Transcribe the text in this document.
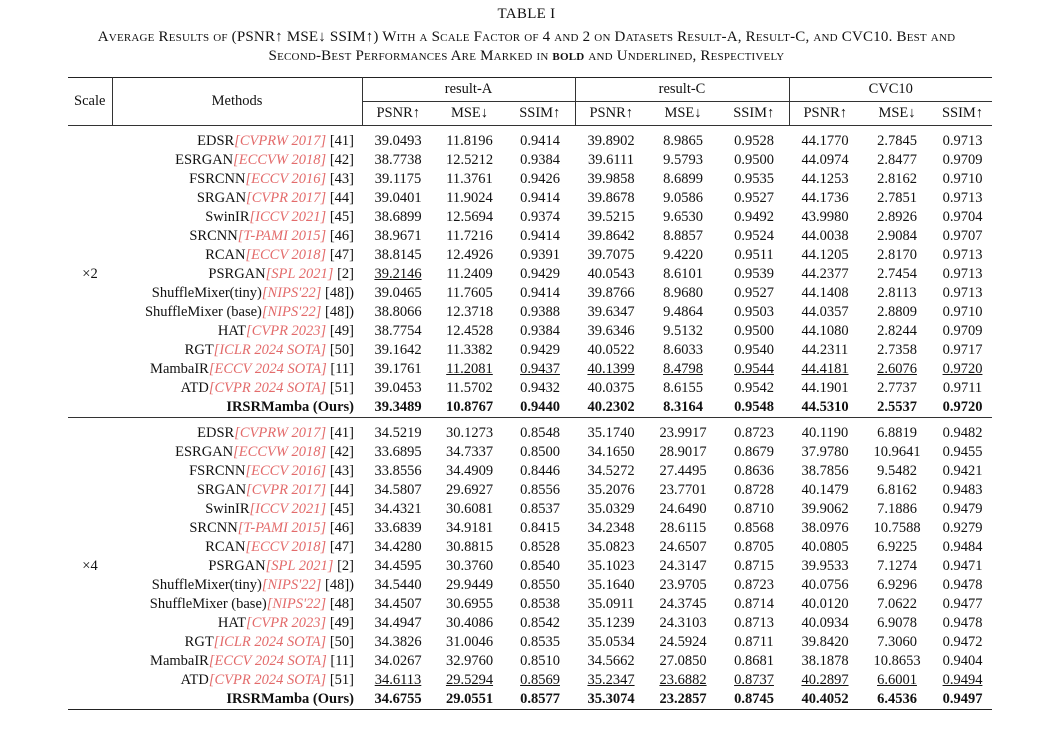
TABLE I
Average Results of (PSNR↑ MSE↓ SSIM↑) With a Scale Factor of 4 and 2 on Datasets Result-A, Result-C, and CVC10. Best and
Second-Best Performances Are Marked in bold and Underlined, Respectively
Scale	Methods	result-A			result-C			CVC10		
		PSNR↑	MSE↓	SSIM↑	PSNR↑	MSE↓	SSIM↑	PSNR↑	MSE↓	SSIM↑

×2	EDSR[CVPRW 2017] [41]	39.0493	11.8196	0.9414	39.8902	8.9865	0.9528	44.1770	2.7845	0.9713
	ESRGAN[ECCVW 2018] [42]	38.7738	12.5212	0.9384	39.6111	9.5793	0.9500	44.0974	2.8477	0.9709
	FSRCNN[ECCV 2016] [43]	39.1175	11.3761	0.9426	39.9858	8.6899	0.9535	44.1253	2.8162	0.9710
	SRGAN[CVPR 2017] [44]	39.0401	11.9024	0.9414	39.8678	9.0586	0.9527	44.1736	2.7851	0.9713
	SwinIR[ICCV 2021] [45]	38.6899	12.5694	0.9374	39.5215	9.6530	0.9492	43.9980	2.8926	0.9704
	SRCNN[T-PAMI 2015] [46]	38.9671	11.7216	0.9414	39.8642	8.8857	0.9524	44.0038	2.9084	0.9707
	RCAN[ECCV 2018] [47]	38.8145	12.4926	0.9391	39.7075	9.4220	0.9511	44.1205	2.8170	0.9713
	PSRGAN[SPL 2021] [2]	39.2146	11.2409	0.9429	40.0543	8.6101	0.9539	44.2377	2.7454	0.9713
	ShuffleMixer(tiny)[NIPS'22] [48])	39.0465	11.7605	0.9414	39.8766	8.9680	0.9527	44.1408	2.8113	0.9713
	ShuffleMixer (base)[NIPS'22] [48])	38.8066	12.3718	0.9388	39.6347	9.4864	0.9503	44.0357	2.8809	0.9710
	HAT[CVPR 2023] [49]	38.7754	12.4528	0.9384	39.6346	9.5132	0.9500	44.1080	2.8244	0.9709
	RGT[ICLR 2024 SOTA] [50]	39.1642	11.3382	0.9429	40.0522	8.6033	0.9540	44.2311	2.7358	0.9717
	MambaIR[ECCV 2024 SOTA] [11]	39.1761	11.2081	0.9437	40.1399	8.4798	0.9544	44.4181	2.6076	0.9720
	ATD[CVPR 2024 SOTA] [51]	39.0453	11.5702	0.9432	40.0375	8.6155	0.9542	44.1901	2.7737	0.9711
	IRSRMamba (Ours)	39.3489	10.8767	0.9440	40.2302	8.3164	0.9548	44.5310	2.5537	0.9720

×4	EDSR[CVPRW 2017] [41]	34.5219	30.1273	0.8548	35.1740	23.9917	0.8723	40.1190	6.8819	0.9482
	ESRGAN[ECCVW 2018] [42]	33.6895	34.7337	0.8500	34.1650	28.9017	0.8679	37.9780	10.9641	0.9455
	FSRCNN[ECCV 2016] [43]	33.8556	34.4909	0.8446	34.5272	27.4495	0.8636	38.7856	9.5482	0.9421
	SRGAN[CVPR 2017] [44]	34.5807	29.6927	0.8556	35.2076	23.7701	0.8728	40.1479	6.8162	0.9483
	SwinIR[ICCV 2021] [45]	34.4321	30.6081	0.8537	35.0329	24.6490	0.8710	39.9062	7.1886	0.9479
	SRCNN[T-PAMI 2015] [46]	33.6839	34.9181	0.8415	34.2348	28.6115	0.8568	38.0976	10.7588	0.9279
	RCAN[ECCV 2018] [47]	34.4280	30.8815	0.8528	35.0823	24.6507	0.8705	40.0805	6.9225	0.9484
	PSRGAN[SPL 2021] [2]	34.4595	30.3760	0.8540	35.1023	24.3147	0.8715	39.9533	7.1274	0.9471
	ShuffleMixer(tiny)[NIPS'22] [48])	34.5440	29.9449	0.8550	35.1640	23.9705	0.8723	40.0756	6.9296	0.9478
	ShuffleMixer (base)[NIPS'22] [48]	34.4507	30.6955	0.8538	35.0911	24.3745	0.8714	40.0120	7.0622	0.9477
	HAT[CVPR 2023] [49]	34.4947	30.4086	0.8542	35.1239	24.3103	0.8713	40.0934	6.9078	0.9478
	RGT[ICLR 2024 SOTA] [50]	34.3826	31.0046	0.8535	35.0534	24.5924	0.8711	39.8420	7.3060	0.9472
	MambaIR[ECCV 2024 SOTA] [11]	34.0267	32.9760	0.8510	34.5662	27.0850	0.8681	38.1878	10.8653	0.9404
	ATD[CVPR 2024 SOTA] [51]	34.6113	29.5294	0.8569	35.2347	23.6882	0.8737	40.2897	6.6001	0.9494
	IRSRMamba (Ours)	34.6755	29.0551	0.8577	35.3074	23.2857	0.8745	40.4052	6.4536	0.9497
